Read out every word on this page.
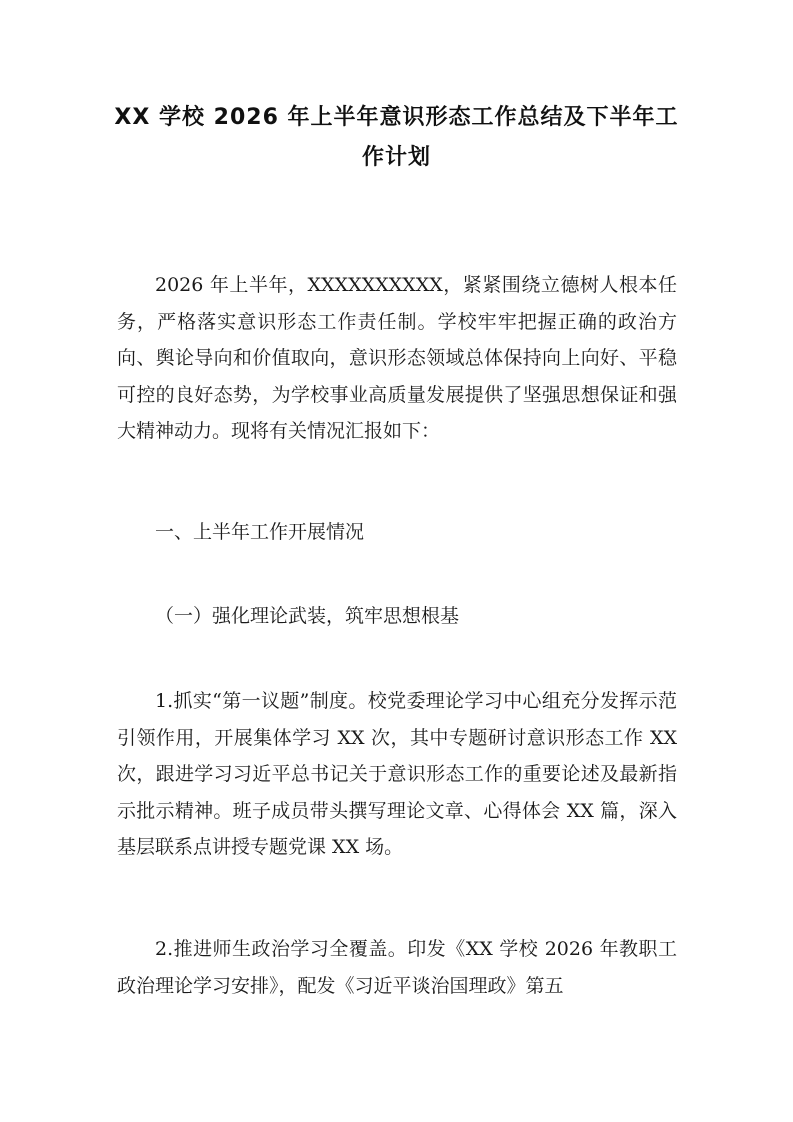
XX 学校 2026 年上半年意识形态工作总结及下半年工作计划

2026 年上半年，XXXXXXXXXX，紧紧围绕立德树人根本任务，严格落实意识形态工作责任制。学校牢牢把握正确的政治方向、舆论导向和价值取向，意识形态领域总体保持向上向好、平稳可控的良好态势，为学校事业高质量发展提供了坚强思想保证和强大精神动力。现将有关情况汇报如下：

一、上半年工作开展情况

（一）强化理论武装，筑牢思想根基

1.抓实“第一议题”制度。校党委理论学习中心组充分发挥示范引领作用，开展集体学习 XX 次，其中专题研讨意识形态工作 XX 次，跟进学习习近平总书记关于意识形态工作的重要论述及最新指示批示精神。班子成员带头撰写理论文章、心得体会 XX 篇，深入基层联系点讲授专题党课 XX 场。

2.推进师生政治学习全覆盖。印发《XX 学校 2026 年教职工政治理论学习安排》，配发《习近平谈治国理政》第五
